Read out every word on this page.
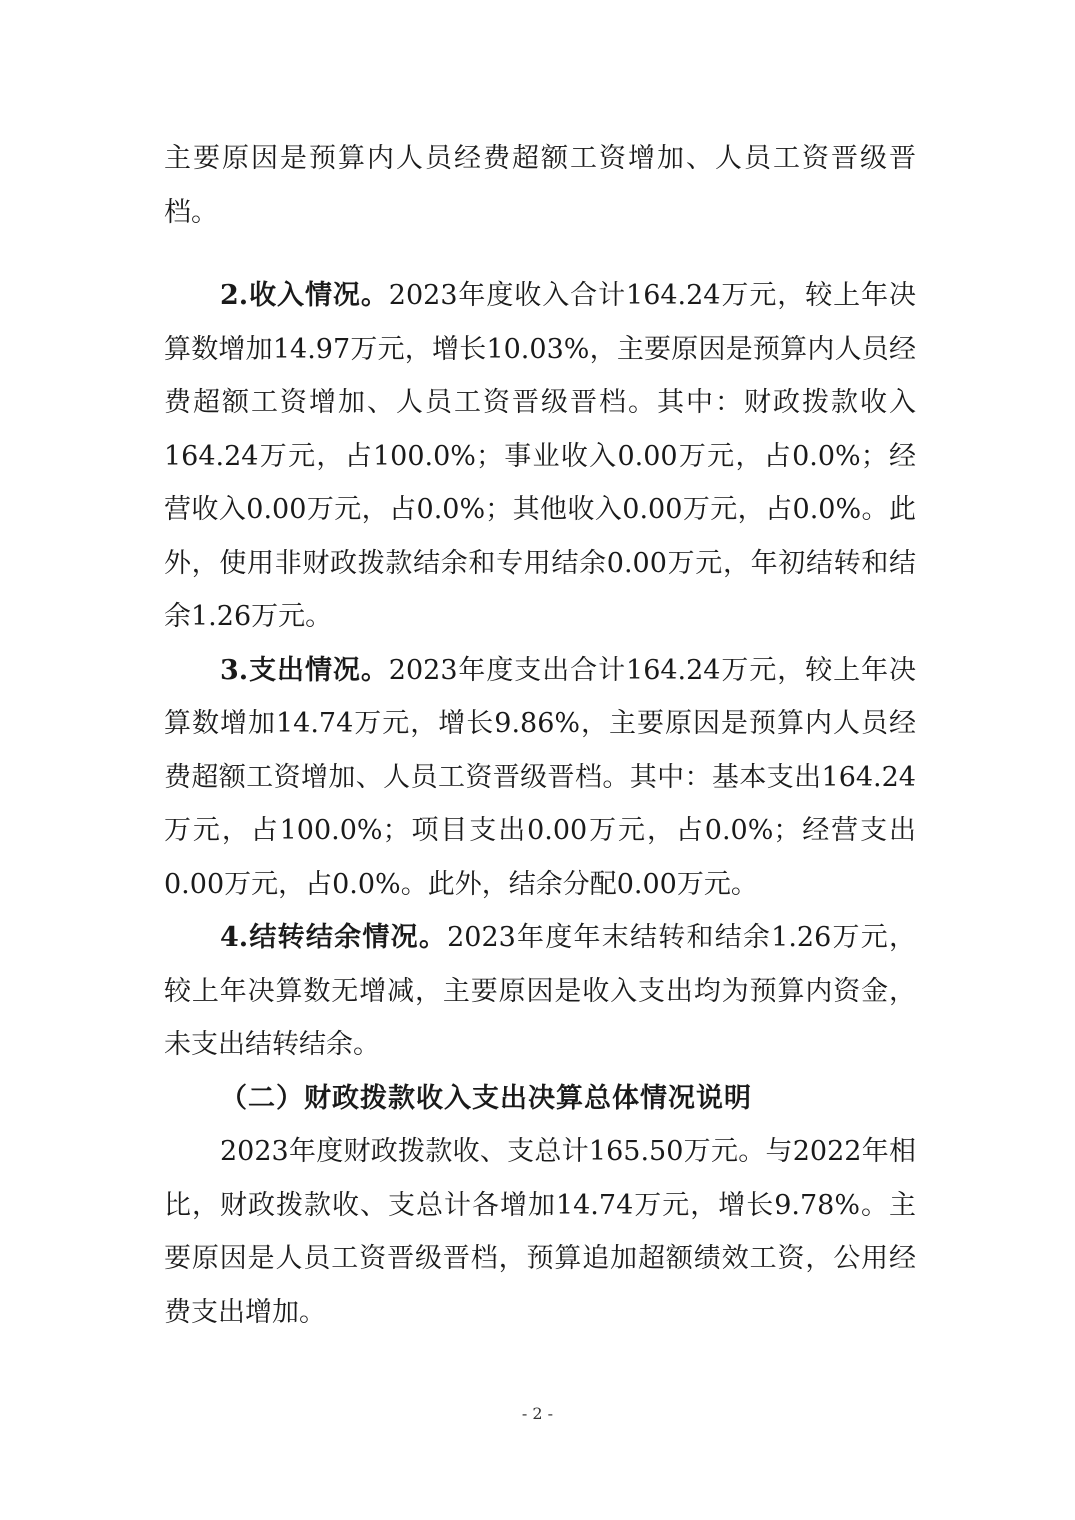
主要原因是预算内人员经费超额工资增加、人员工资晋级晋档。

2.收入情况。2023年度收入合计164.24万元，较上年决算数增加14.97万元，增长10.03%，主要原因是预算内人员经费超额工资增加、人员工资晋级晋档。其中：财政拨款收入164.24万元，占100.0%；事业收入0.00万元，占0.0%；经营收入0.00万元，占0.0%；其他收入0.00万元，占0.0%。此外，使用非财政拨款结余和专用结余0.00万元，年初结转和结余1.26万元。

3.支出情况。2023年度支出合计164.24万元，较上年决算数增加14.74万元，增长9.86%，主要原因是预算内人员经费超额工资增加、人员工资晋级晋档。其中：基本支出164.24万元，占100.0%；项目支出0.00万元，占0.0%；经营支出0.00万元，占0.0%。此外，结余分配0.00万元。

4.结转结余情况。2023年度年末结转和结余1.26万元，较上年决算数无增减，主要原因是收入支出均为预算内资金，未支出结转结余。

（二）财政拨款收入支出决算总体情况说明

2023年度财政拨款收、支总计165.50万元。与2022年相比，财政拨款收、支总计各增加14.74万元，增长9.78%。主要原因是人员工资晋级晋档，预算追加超额绩效工资，公用经费支出增加。

- 2 -
